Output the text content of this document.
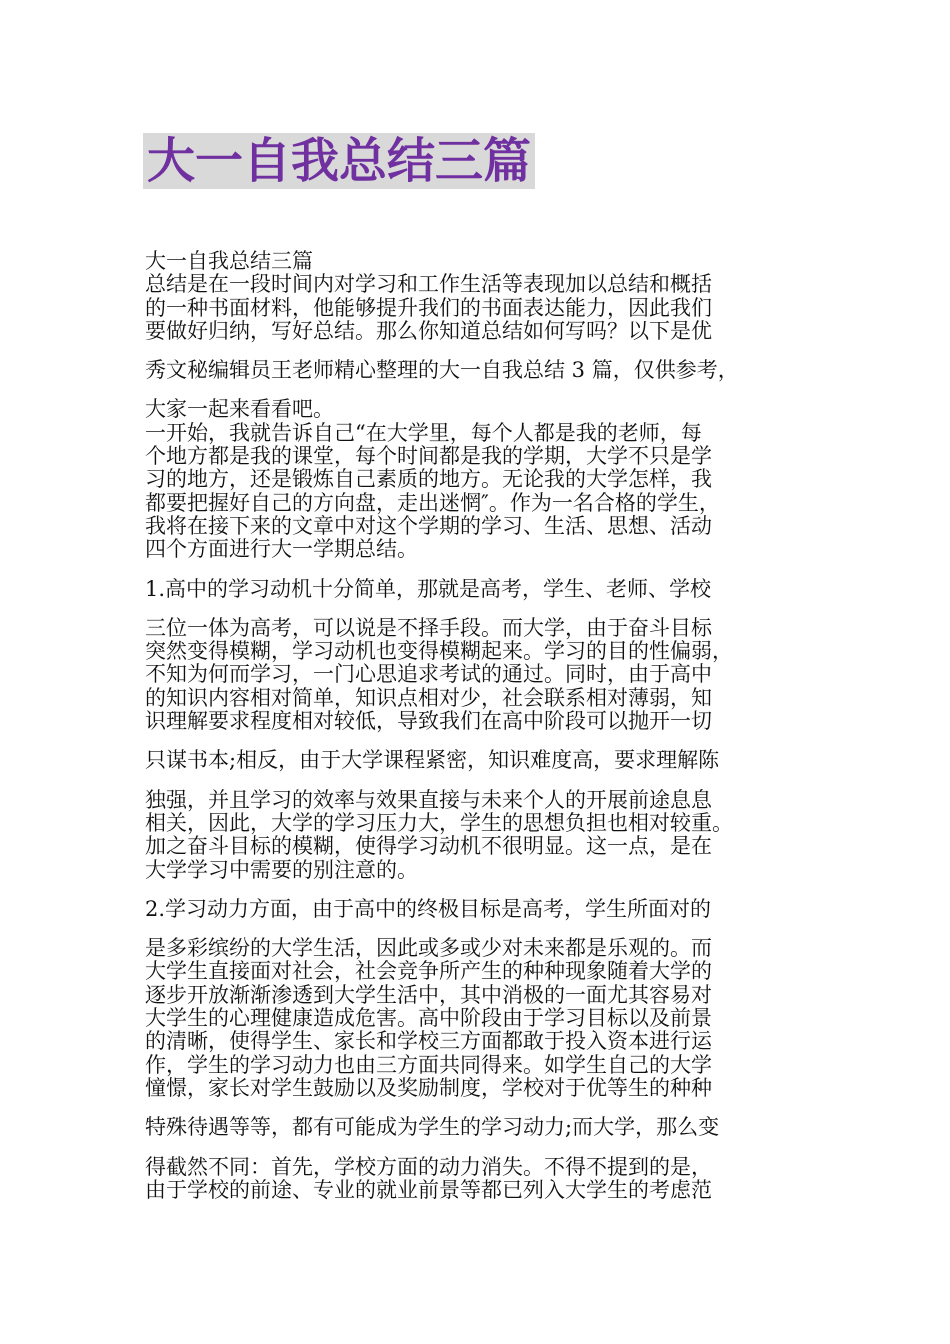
大一自我总结三篇
大一自我总结三篇
总结是在一段时间内对学习和工作生活等表现加以总结和概括
的一种书面材料，他能够提升我们的书面表达能力，因此我们
要做好归纳，写好总结。那么你知道总结如何写吗？以下是优
秀文秘编辑员王老师精心整理的大一自我总结 3 篇，仅供参考，
大家一起来看看吧。
一开始，我就告诉自己“在大学里，每个人都是我的老师，每
个地方都是我的课堂，每个时间都是我的学期，大学不只是学
习的地方，还是锻炼自己素质的地方。无论我的大学怎样，我
都要把握好自己的方向盘，走出迷惘″。作为一名合格的学生，
我将在接下来的文章中对这个学期的学习、生活、思想、活动
四个方面进行大一学期总结。
1.高中的学习动机十分简单，那就是高考，学生、老师、学校
三位一体为高考，可以说是不择手段。而大学，由于奋斗目标
突然变得模糊，学习动机也变得模糊起来。学习的目的性偏弱，
不知为何而学习，一门心思追求考试的通过。同时，由于高中
的知识内容相对简单，知识点相对少，社会联系相对薄弱，知
识理解要求程度相对较低，导致我们在高中阶段可以抛开一切
只谋书本;相反，由于大学课程紧密，知识难度高，要求理解陈
独强，并且学习的效率与效果直接与未来个人的开展前途息息
相关，因此，大学的学习压力大，学生的思想负担也相对较重。
加之奋斗目标的模糊，使得学习动机不很明显。这一点，是在
大学学习中需要的别注意的。
2.学习动力方面，由于高中的终极目标是高考，学生所面对的
是多彩缤纷的大学生活，因此或多或少对未来都是乐观的。而
大学生直接面对社会，社会竞争所产生的种种现象随着大学的
逐步开放渐渐渗透到大学生活中，其中消极的一面尤其容易对
大学生的心理健康造成危害。高中阶段由于学习目标以及前景
的清晰，使得学生、家长和学校三方面都敢于投入资本进行运
作，学生的学习动力也由三方面共同得来。如学生自己的大学
憧憬，家长对学生鼓励以及奖励制度，学校对于优等生的种种
特殊待遇等等，都有可能成为学生的学习动力;而大学，那么变
得截然不同：首先，学校方面的动力消失。不得不提到的是，
由于学校的前途、专业的就业前景等都已列入大学生的考虑范
